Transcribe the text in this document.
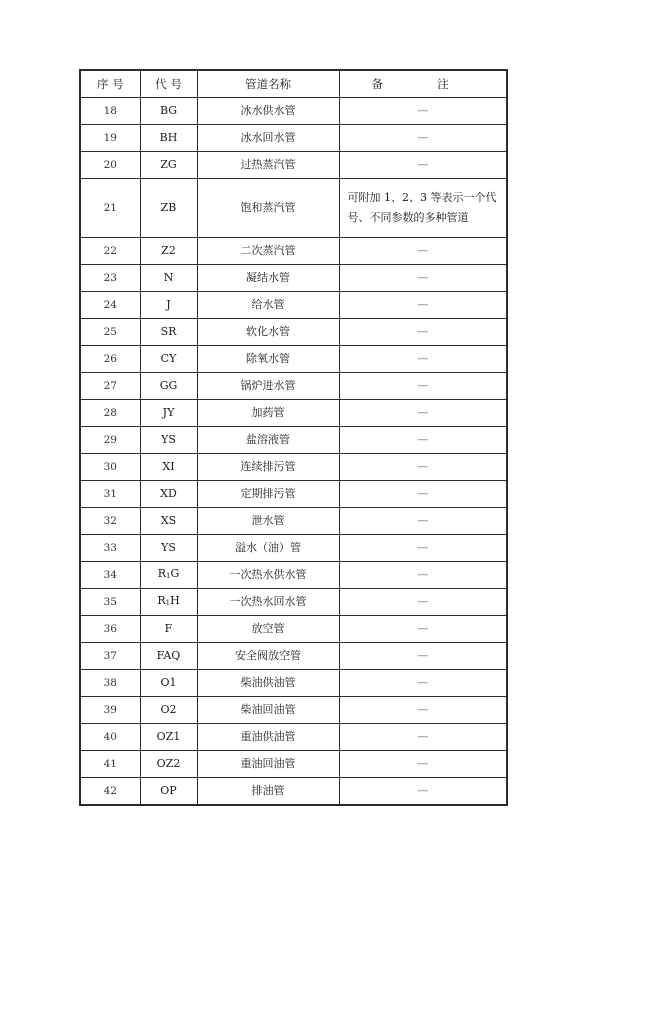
序 号	代 号	管道名称	备 注
18	BG	冰水供水管	—
19	BH	冰水回水管	—
20	ZG	过热蒸汽管	—
21	ZB	饱和蒸汽管	可附加 1、2、3 等表示一个代号、不同参数的多种管道
22	Z2	二次蒸汽管	—
23	N	凝结水管	—
24	J	给水管	—
25	SR	软化水管	—
26	CY	除氧水管	—
27	GG	锅炉进水管	—
28	JY	加药管	—
29	YS	盐溶液管	—
30	XI	连续排污管	—
31	XD	定期排污管	—
32	XS	泄水管	—
33	YS	溢水（油）管	—
34	$R_1G$	一次热水供水管	—
35	$R_1H$	一次热水回水管	—
36	F	放空管	—
37	FAQ	安全阀放空管	—
38	O1	柴油供油管	—
39	O2	柴油回油管	—
40	OZ1	重油供油管	—
41	OZ2	重油回油管	—
42	OP	排油管	—
